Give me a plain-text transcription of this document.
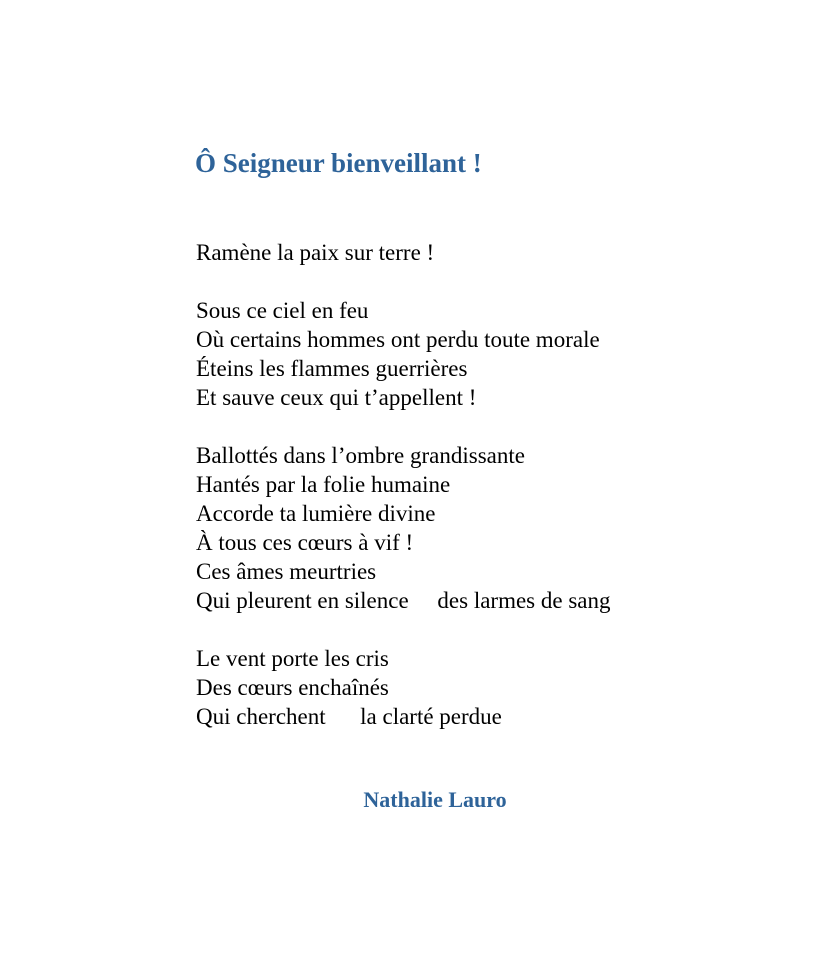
Ô Seigneur bienveillant !
Ramène la paix sur terre !
Sous ce ciel en feu
Où certains hommes ont perdu toute morale
Éteins les flammes guerrières
Et sauve ceux qui t’appellent !
Ballottés dans l’ombre grandissante
Hantés par la folie humaine
Accorde ta lumière divine
À tous ces cœurs à vif !
Ces âmes meurtries
Qui pleurent en silence     des larmes de sang
Le vent porte les cris
Des cœurs enchaînés
Qui cherchent      la clarté perdue

Nathalie Lauro
